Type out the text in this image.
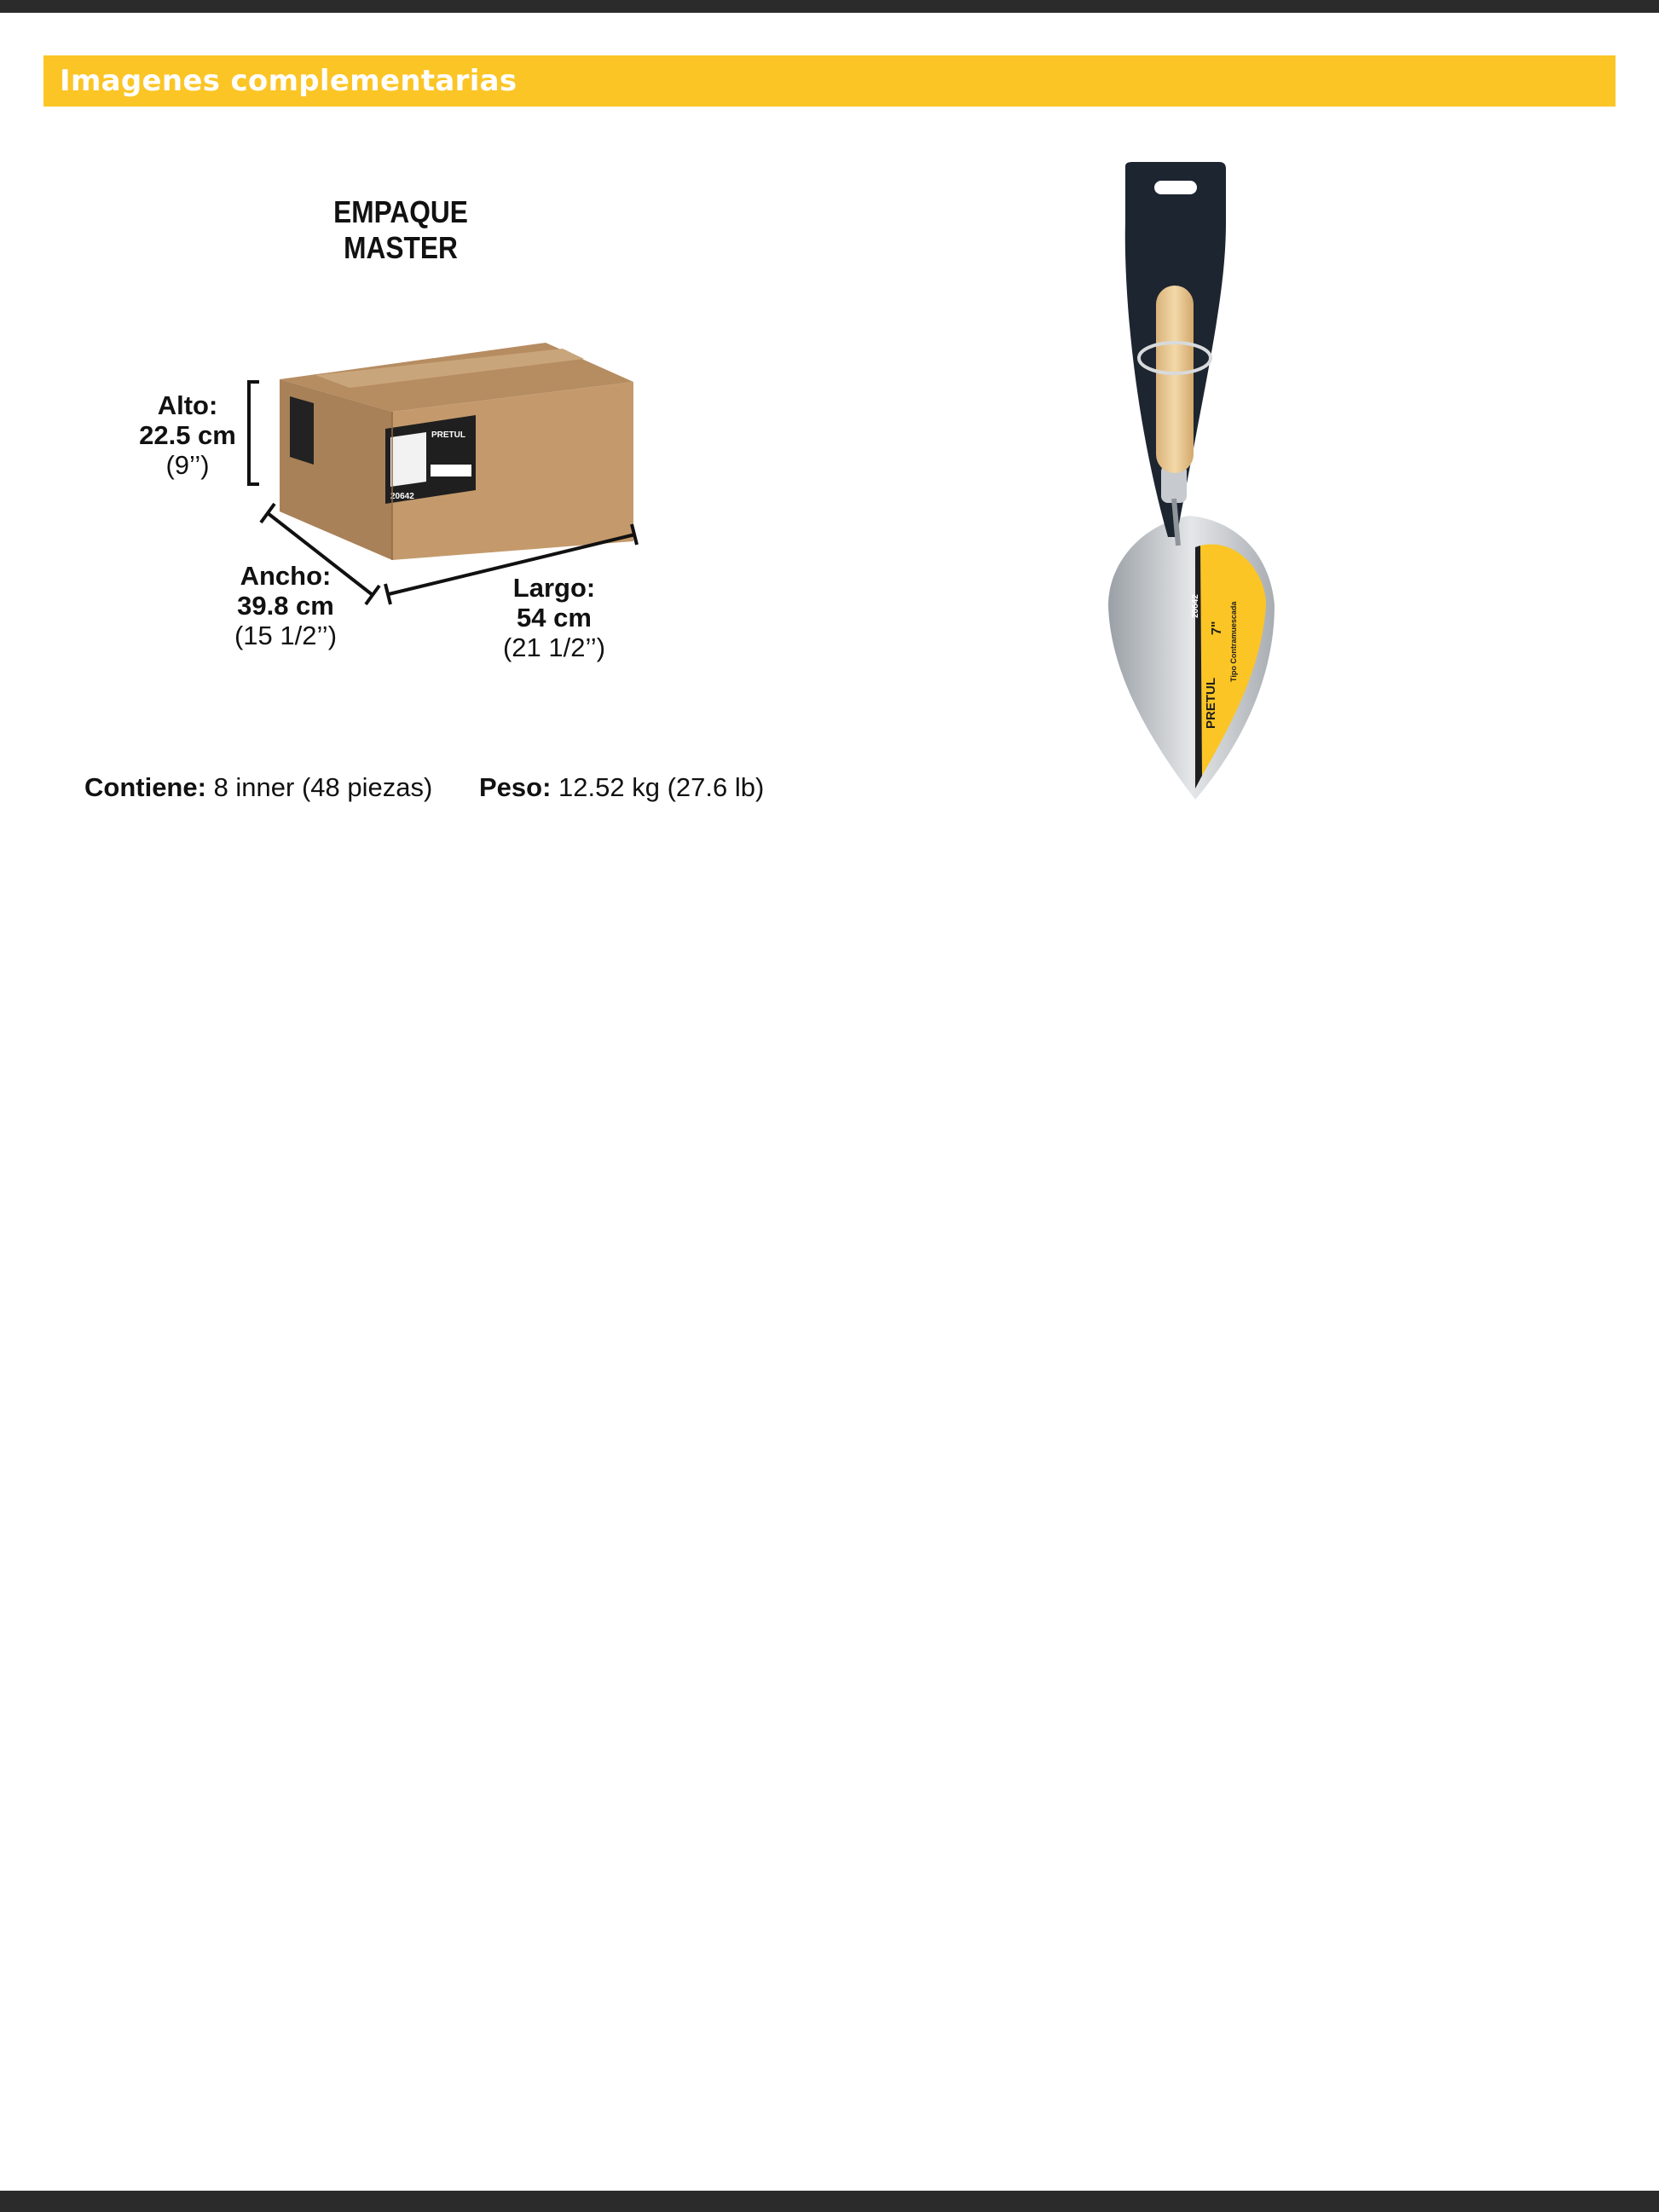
Imagenes complementarias
EMPAQUE MASTER
PRETUL
20642
Alto:
22.5 cm
(9’’)
Ancho:
39.8 cm
(15 1/2’’)
Largo:
54 cm
(21 1/2’’)
Contiene: 8 inner (48 piezas) Peso: 12.52 kg (27.6 lb)
PRETUL
20642
7" Tipo Contramuescada
